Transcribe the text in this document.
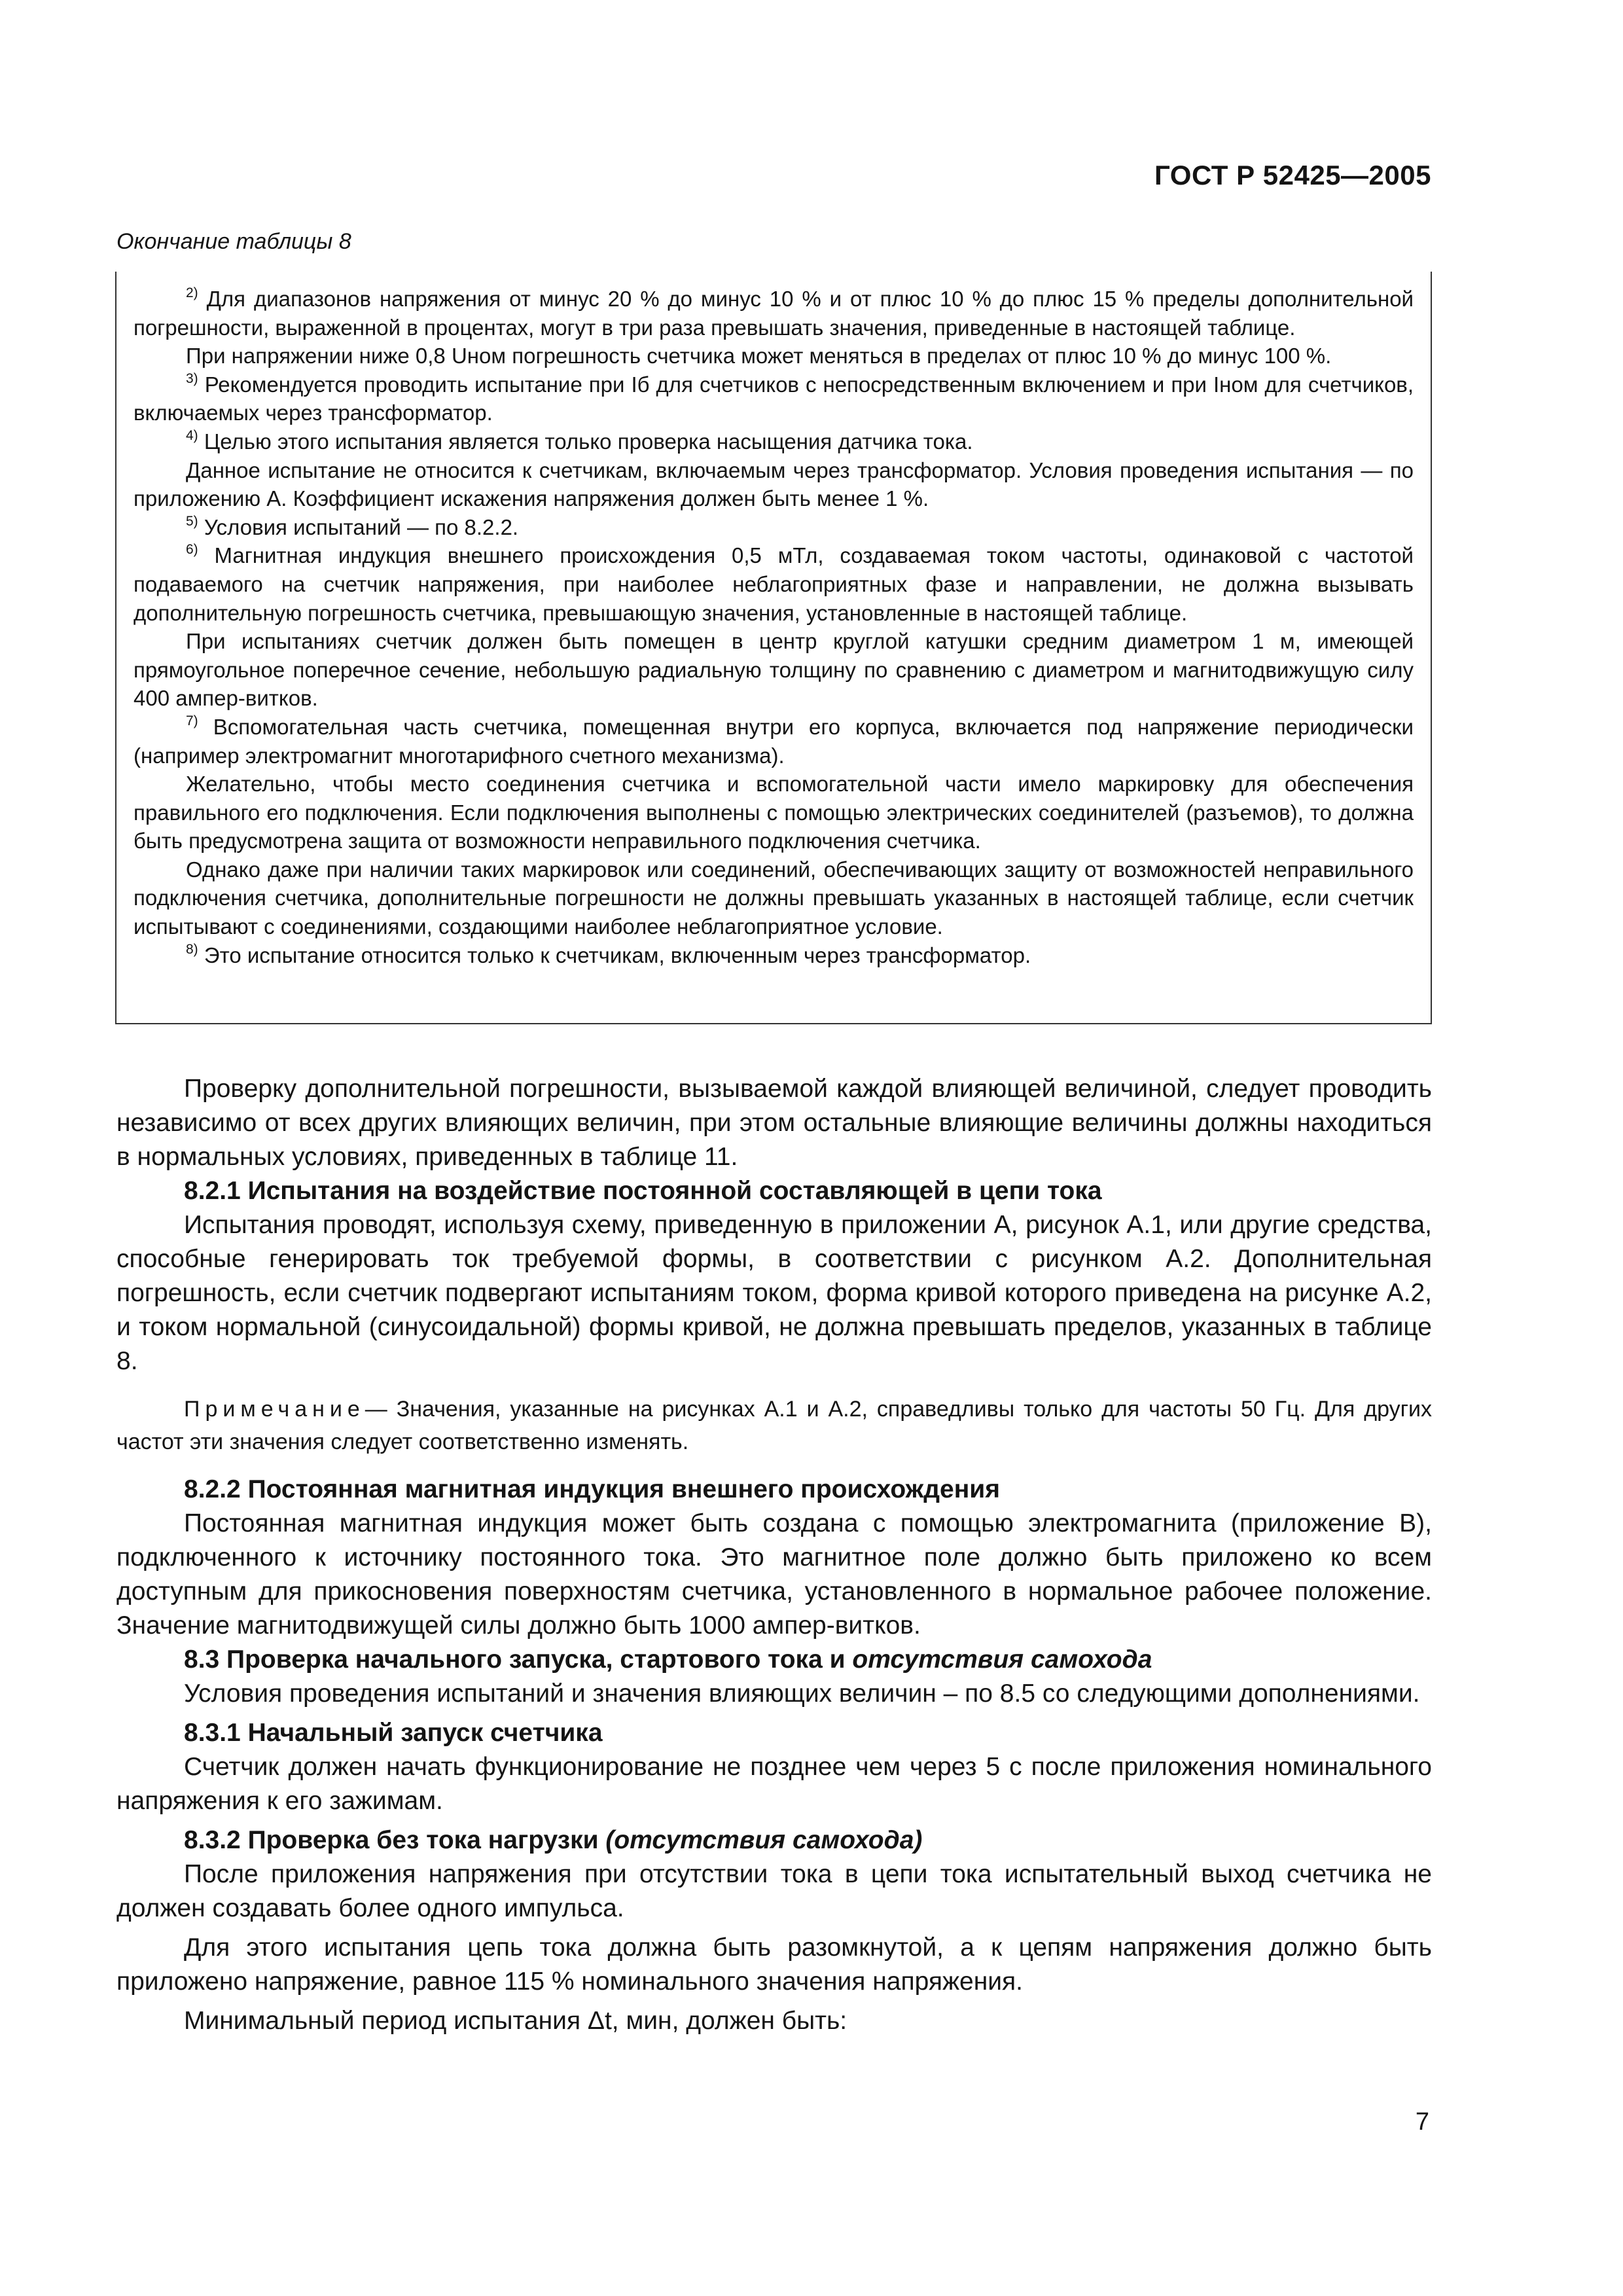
ГОСТ Р 52425—2005
Окончание таблицы 8

$^{2)}$ Для диапазонов напряжения от минус 20 % до минус 10 % и от плюс 10 % до плюс 15 % пределы дополнительной погрешности, выраженной в процентах, могут в три раза превышать значения, приведенные в настоящей таблице.

При напряжении ниже 0,8 Uном погрешность счетчика может меняться в пределах от плюс 10 % до минус 100 %.

$^{3)}$ Рекомендуется проводить испытание при Iб для счетчиков с непосредственным включением и при Iном для счетчиков, включаемых через трансформатор.

$^{4)}$ Целью этого испытания является только проверка насыщения датчика тока.

Данное испытание не относится к счетчикам, включаемым через трансформатор. Условия проведения испытания — по приложению А. Коэффициент искажения напряжения должен быть менее 1 %.

$^{5)}$ Условия испытаний — по 8.2.2.

$^{6)}$ Магнитная индукция внешнего происхождения 0,5 мТл, создаваемая током частоты, одинаковой с частотой подаваемого на счетчик напряжения, при наиболее неблагоприятных фазе и направлении, не должна вызывать дополнительную погрешность счетчика, превышающую значения, установленные в настоящей таблице.

При испытаниях счетчик должен быть помещен в центр круглой катушки средним диаметром 1 м, имеющей прямоугольное поперечное сечение, небольшую радиальную толщину по сравнению с диаметром и магнитодвижущую силу 400 ампер-витков.

$^{7)}$ Вспомогательная часть счетчика, помещенная внутри его корпуса, включается под напряжение периодически (например электромагнит многотарифного счетного механизма).

Желательно, чтобы место соединения счетчика и вспомогательной части имело маркировку для обеспечения правильного его подключения. Если подключения выполнены с помощью электрических соединителей (разъемов), то должна быть предусмотрена защита от возможности неправильного подключения счетчика.

Однако даже при наличии таких маркировок или соединений, обеспечивающих защиту от возможностей неправильного подключения счетчика, дополнительные погрешности не должны превышать указанных в настоящей таблице, если счетчик испытывают с соединениями, создающими наиболее неблагоприятное условие.

$^{8)}$ Это испытание относится только к счетчикам, включенным через трансформатор.

Проверку дополнительной погрешности, вызываемой каждой влияющей величиной, следует проводить независимо от всех других влияющих величин, при этом остальные влияющие величины должны находиться в нормальных условиях, приведенных в таблице 11.

8.2.1 Испытания на воздействие постоянной составляющей в цепи тока

Испытания проводят, используя схему, приведенную в приложении А, рисунок А.1, или другие средства, способные генерировать ток требуемой формы, в соответствии с рисунком А.2. Дополнительная погрешность, если счетчик подвергают испытаниям током, форма кривой которого приведена на рисунке А.2, и током нормальной (синусоидальной) формы кривой, не должна превышать пределов, указанных в таблице 8.

Примечание— Значения, указанные на рисунках А.1 и А.2, справедливы только для частоты 50 Гц. Для других частот эти значения следует соответственно изменять.

8.2.2 Постоянная магнитная индукция внешнего происхождения

Постоянная магнитная индукция может быть создана с помощью электромагнита (приложение В), подключенного к источнику постоянного тока. Это магнитное поле должно быть приложено ко всем доступным для прикосновения поверхностям счетчика, установленного в нормальное рабочее положение. Значение магнитодвижущей силы должно быть 1000 ампер-витков.

8.3 Проверка начального запуска, стартового тока и отсутствия самохода

Условия проведения испытаний и значения влияющих величин – по 8.5 со следующими дополнениями.

8.3.1 Начальный запуск счетчика

Счетчик должен начать функционирование не позднее чем через 5 с после приложения номинального напряжения к его зажимам.

8.3.2 Проверка без тока нагрузки (отсутствия самохода)

После приложения напряжения при отсутствии тока в цепи тока испытательный выход счетчика не должен создавать более одного импульса.

Для этого испытания цепь тока должна быть разомкнутой, а к цепям напряжения должно быть приложено напряжение, равное 115 % номинального значения напряжения.

Минимальный период испытания Δt, мин, должен быть:

7
